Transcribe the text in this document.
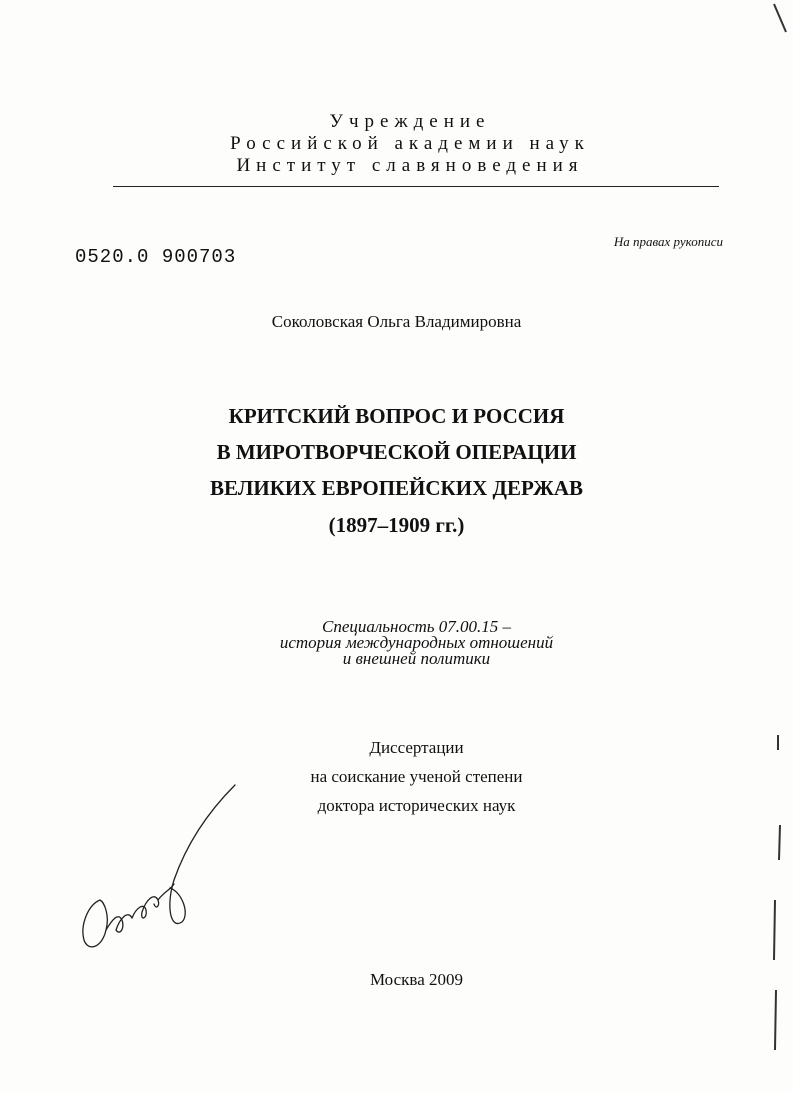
Учреждение
Российской академии наук
Институт славяноведения
0520.0 900703
На правах рукописи
Соколовская Ольга Владимировна
КРИТСКИЙ ВОПРОС И РОССИЯ
В МИРОТВОРЧЕСКОЙ ОПЕРАЦИИ
ВЕЛИКИХ ЕВРОПЕЙСКИХ ДЕРЖАВ
(1897–1909 гг.)
Специальность 07.00.15 –
история международных отношений
и внешней политики
Диссертации
на соискание ученой степени
доктора исторических наук
Москва 2009
